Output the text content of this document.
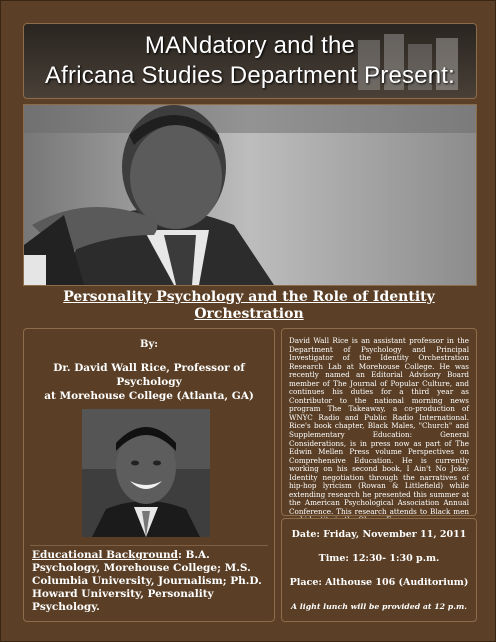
MANdatory and the
Africana Studies Department Present:
Personality Psychology and the Role of Identity
Orchestration
By:
Dr. David Wall Rice, Professor of Psychology
at Morehouse College (Atlanta, GA)
Educational Background: B.A. Psychology, Morehouse College; M.S. Columbia University, Journalism; Ph.D. Howard University, Personality Psychology.

David Wall Rice is an assistant professor in the Department of Psychology and Principal Investigator of the Identity Orchestration Research Lab at Morehouse College. He was recently named an Editorial Advisory Board member of The Journal of Popular Culture, and continues his duties for a third year as Contributor to the national morning news program The Takeaway, a co-production of WNYC Radio and Public Radio International. Rice's book chapter, Black Males, "Church" and Supplementary Education: General Considerations, is in press now as part of The Edwin Mellen Press volume Perspectives on Comprehensive Education. He is currently working on his second book, I Ain't No Joke: Identity negotiation through the narratives of hip-hop lyricism (Rowan & Littlefield) while extending research he presented this summer at the American Psychological Association Annual Conference. This research attends to Black men

Date: Friday, November 11, 2011
Time: 12:30- 1:30 p.m.
Place: Althouse 106 (Auditorium)
A light lunch will be provided at 12 p.m.
